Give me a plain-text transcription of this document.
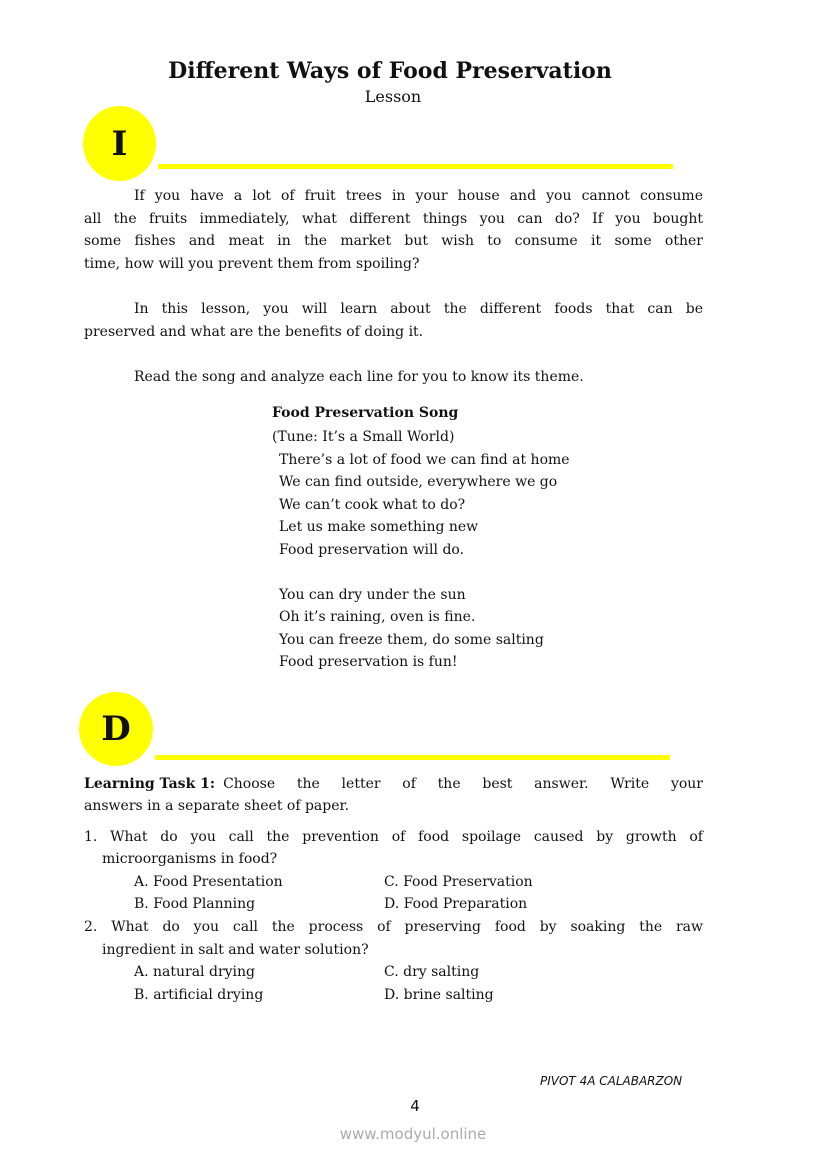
Different Ways of Food Preservation
Lesson
I
If you have a lot of fruit trees in your house and you cannot consume
all the fruits immediately, what different things you can do? If you bought
some fishes and meat in the market but wish to consume it some other
time, how will you prevent them from spoiling?
In this lesson, you will learn about the different foods that can be
preserved and what are the benefits of doing it.
Read the song and analyze each line for you to know its theme.
Food Preservation Song
(Tune: It’s a Small World)
There’s a lot of food we can find at home
We can find outside, everywhere we go
We can’t cook what to do?
Let us make something new
Food preservation will do.
You can dry under the sun
Oh it’s raining, oven is fine.
You can freeze them, do some salting
Food preservation is fun!
D
Learning Task 1: Choose the letter of the best answer. Write your
answers in a separate sheet of paper.
1. What do you call the prevention of food spoilage caused by growth of
microorganisms in food?
A. Food Presentation	C. Food Preservation
B. Food Planning	D. Food Preparation
2. What do you call the process of preserving food by soaking the raw
ingredient in salt and water solution?
A. natural drying	C. dry salting
B. artificial drying	D. brine salting
PIVOT 4A CALABARZON
4
www.modyul.online
